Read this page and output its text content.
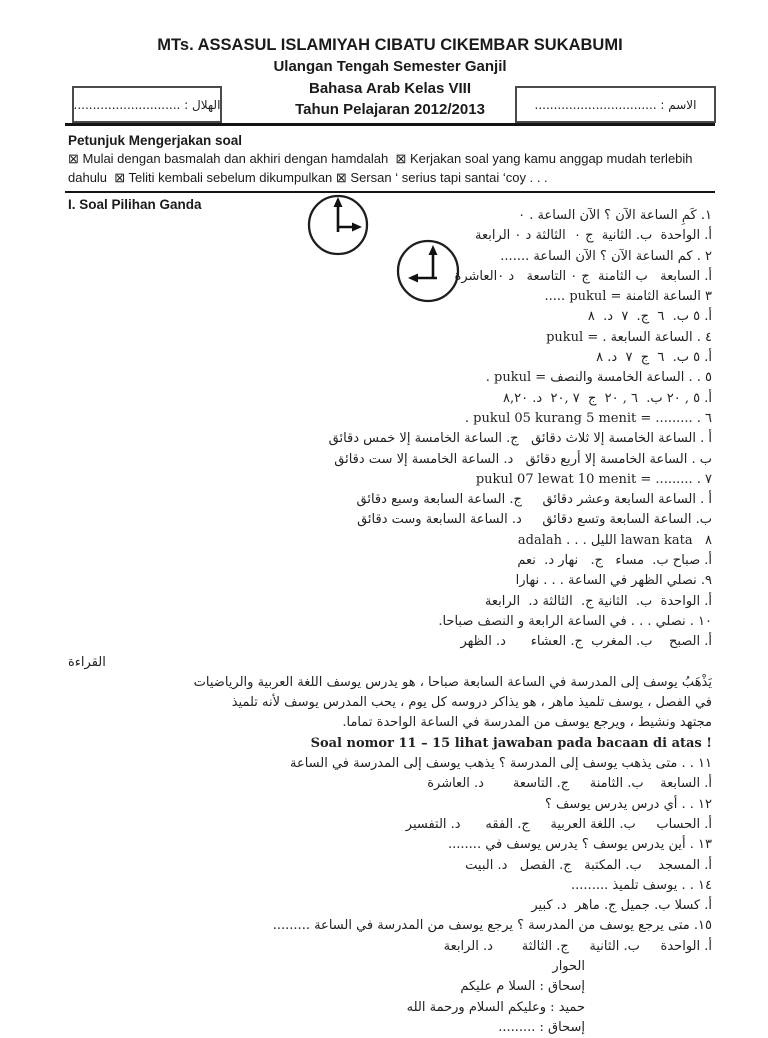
الهلال : ............................	الاسم : ................................
MTs. ASSASUL ISLAMIYAH CIBATU CIKEMBAR SUKABUMI
Ulangan Tengah Semester Ganjil
Bahasa Arab Kelas VIII
Tahun Pelajaran 2012/2013
Petunjuk Mengerjakan soal
⊠ Mulai dengan basmalah dan akhiri dengan hamdalah  ⊠ Kerjakan soal yang kamu anggap mudah terlebih
dahulu  ⊠ Teliti kembali sebelum dikumpulkan ⊠ Sersan ‘ serius tapi santai ‘coy . . .
I. Soal Pilihan Ganda
١. كَمِ الساعة الآن ؟ الآن الساعة . ٠
أ. الواحدة  ب. الثانية  ج ٠  الثالثة د ٠ الرابعة
٢ . كم الساعة الآن ؟ الآن الساعة .......
أ. السابعة   ب الثامنة  ج ٠ التاسعة   د ٠العاشرة
٣ الساعة الثامنة = pukul .....
أ. ٥ ب.  ٦  ج.  ٧  د.  ٨
٤ . الساعة السابعة . = pukul
أ. ٥ ب.  ٦  ج  ٧  د. ٨
٥ . . الساعة الخامسة والنصف = pukul .
أ. ٥ , ٢٠ ب.  ٦ , ٢٠  ج  ٧ ,٢٠  د. ٨,٢٠
٦ . ......... = pukul 05 kurang 5 menit .
أ . الساعة الخامسة إلا ثلاث دقائق   ج. الساعة الخامسة إلا خمس دقائق
ب . الساعة الخامسة إلا أربع دقائق   د. الساعة الخامسة إلا ست دقائق
٧ . ......... = pukul 07 lewat 10 menit
أ . الساعة السابعة وعشر دقائق     ج. الساعة السابعة وسبع دقائق
ب. الساعة السابعة وتسع دقائق     د. الساعة السابعة وست دقائق
٨   lawan kata الليل . . . adalah
أ. صباح ب.  مساء   ج.   نهار د.  نعم
٩. نصلي الظهر في الساعة . . . نهارا
أ. الواحدة  ب.  الثانية ج.  الثالثة د.  الرابعة
١٠ . نصلي . . . في الساعة الرابعة و النصف صباحا.
أ. الصبح    ب. المغرب  ج. العشاء      د. الظهر
القراءة
يَذْهَبُ يوسف إلى المدرسة في الساعة السابعة صباحا ، هو يدرس يوسف اللغة العربية والرياضيات
في الفصل ، يوسف تلميذ ماهر ، هو يذاكر دروسه كل يوم ، يحب المدرس يوسف لأنه تلميذ
مجتهد ونشيط ، ويرجع يوسف من المدرسة في الساعة الواحدة تماما.
Soal nomor 11 – 15 lihat jawaban pada bacaan di atas !
١١ . . متى يذهب يوسف إلى المدرسة ؟ يذهب يوسف إلى المدرسة في الساعة
أ. السابعة    ب. الثامنة     ج. التاسعة       د. العاشرة
١٢ . . أي درس يدرس يوسف ؟
أ. الحساب     ب. اللغة العربية     ج. الفقه      د. التفسير
١٣ . أين يدرس يوسف ؟ يدرس يوسف في ........
أ. المسجد    ب. المكتبة   ج. الفصل   د. البيت
١٤ . . يوسف تلميذ .........
أ. كسلا ب. جميل ج. ماهر  د. كبير
١٥. متى يرجع يوسف من المدرسة ؟ يرجع يوسف من المدرسة في الساعة .........
أ. الواحدة     ب. الثانية     ج. الثالثة       د. الرابعة
الحوار
إسحاق : السلا م عليكم
حميد : وعليكم السلام ورحمة الله
إسحاق : .........
